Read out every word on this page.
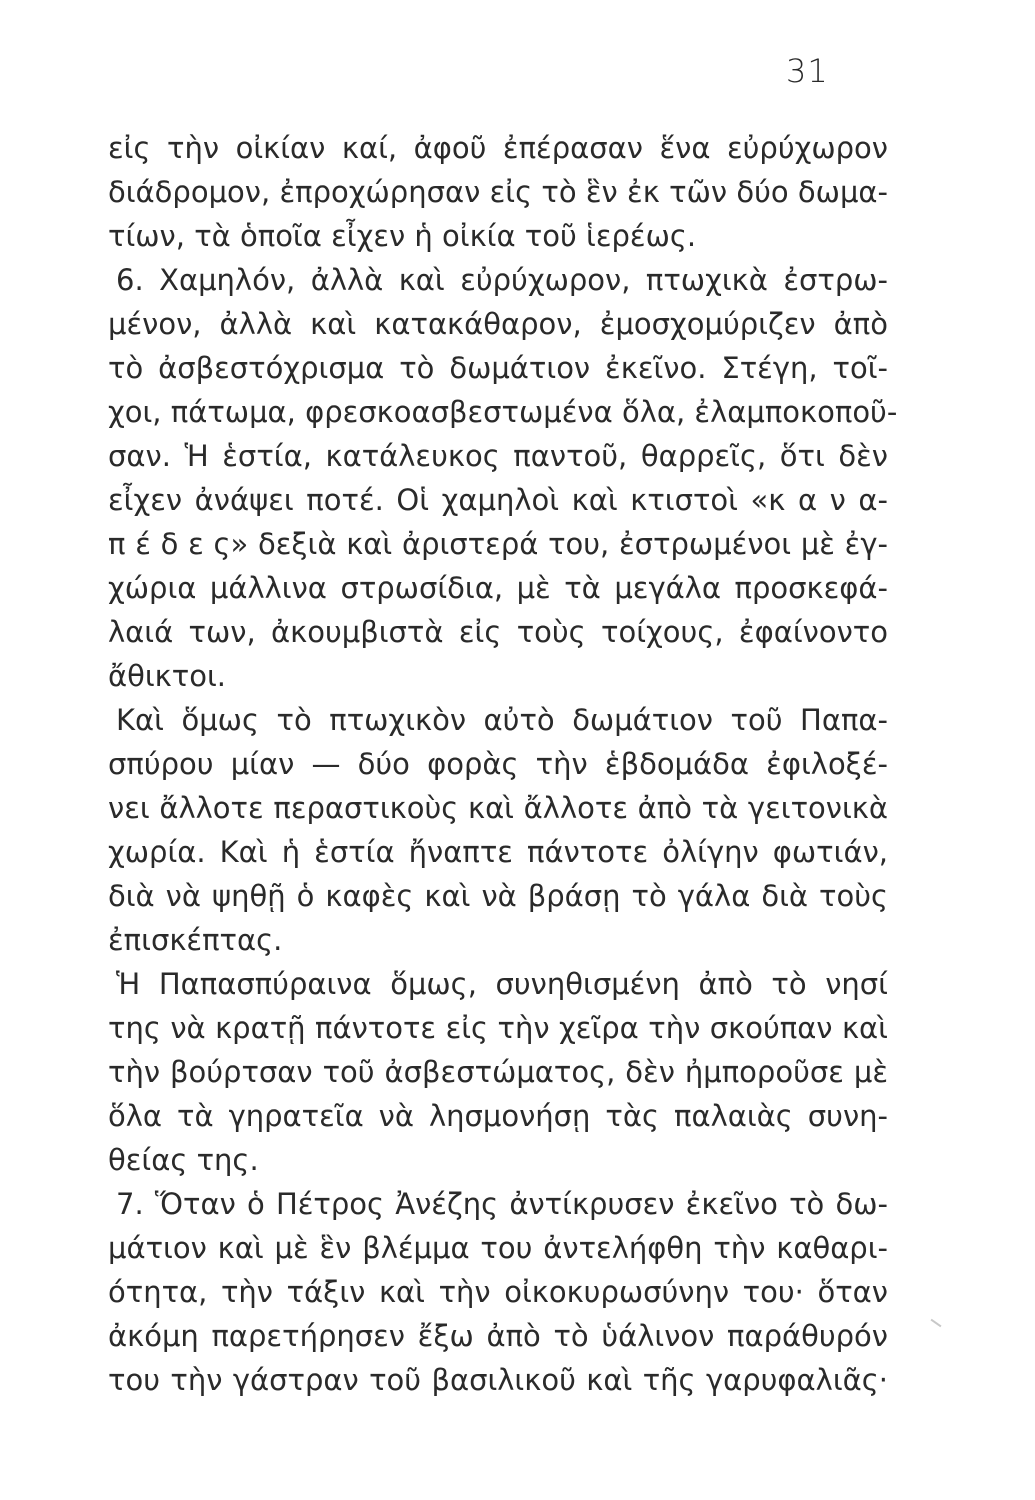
31
εἰς τὴν οἰκίαν καί, ἀφοῦ ἐπέρασαν ἕνα εὐρύχωρον
διάδρομον, ἐπροχώρησαν εἰς τὸ ἓν ἐκ τῶν δύο δωμα-
τίων, τὰ ὁποῖα εἶχεν ἡ οἰκία τοῦ ἱερέως.
6. Χαμηλόν, ἀλλὰ καὶ εὐρύχωρον, πτωχικὰ ἐστρω-
μένον, ἀλλὰ καὶ κατακάθαρον, ἐμοσχομύριζεν ἀπὸ
τὸ ἀσβεστόχρισμα τὸ δωμάτιον ἐκεῖνο. Στέγη, τοῖ-
χοι, πάτωμα, φρεσκοασβεστωμένα ὅλα, ἐλαμποκοποῦ-
σαν. Ἡ ἑστία, κατάλευκος παντοῦ, θαρρεῖς, ὅτι δὲν
εἶχεν ἀνάψει ποτέ. Οἱ χαμηλοὶ καὶ κτιστοὶ «κ α ν α-
π έ δ ε ς» δεξιὰ καὶ ἀριστερά του, ἐστρωμένοι μὲ ἐγ-
χώρια μάλλινα στρωσίδια, μὲ τὰ μεγάλα προσκεφά-
λαιά των, ἀκουμβιστὰ εἰς τοὺς τοίχους, ἐφαίνοντο
ἄθικτοι.
Καὶ ὅμως τὸ πτωχικὸν αὐτὸ δωμάτιον τοῦ Παπα-
σπύρου μίαν — δύο φορὰς τὴν ἑβδομάδα ἐφιλοξέ-
νει ἄλλοτε περαστικοὺς καὶ ἄλλοτε ἀπὸ τὰ γειτονικὰ
χωρία. Καὶ ἡ ἑστία ἤναπτε πάντοτε ὀλίγην φωτιάν,
διὰ νὰ ψηθῇ ὁ καφὲς καὶ νὰ βράσῃ τὸ γάλα διὰ τοὺς
ἐπισκέπτας.
Ἡ Παπασπύραινα ὅμως, συνηθισμένη ἀπὸ τὸ νησί
της νὰ κρατῇ πάντοτε εἰς τὴν χεῖρα τὴν σκούπαν καὶ
τὴν βούρτσαν τοῦ ἀσβεστώματος, δὲν ἠμποροῦσε μὲ
ὅλα τὰ γηρατεῖα νὰ λησμονήσῃ τὰς παλαιὰς συνη-
θείας της.
7. Ὅταν ὁ Πέτρος Ἀνέζης ἀντίκρυσεν ἐκεῖνο τὸ δω-
μάτιον καὶ μὲ ἓν βλέμμα του ἀντελήφθη τὴν καθαρι-
ότητα, τὴν τάξιν καὶ τὴν οἰκοκυρωσύνην του· ὅταν
ἀκόμη παρετήρησεν ἔξω ἀπὸ τὸ ὑάλινον παράθυρόν
του τὴν γάστραν τοῦ βασιλικοῦ καὶ τῆς γαρυφαλιᾶς·
